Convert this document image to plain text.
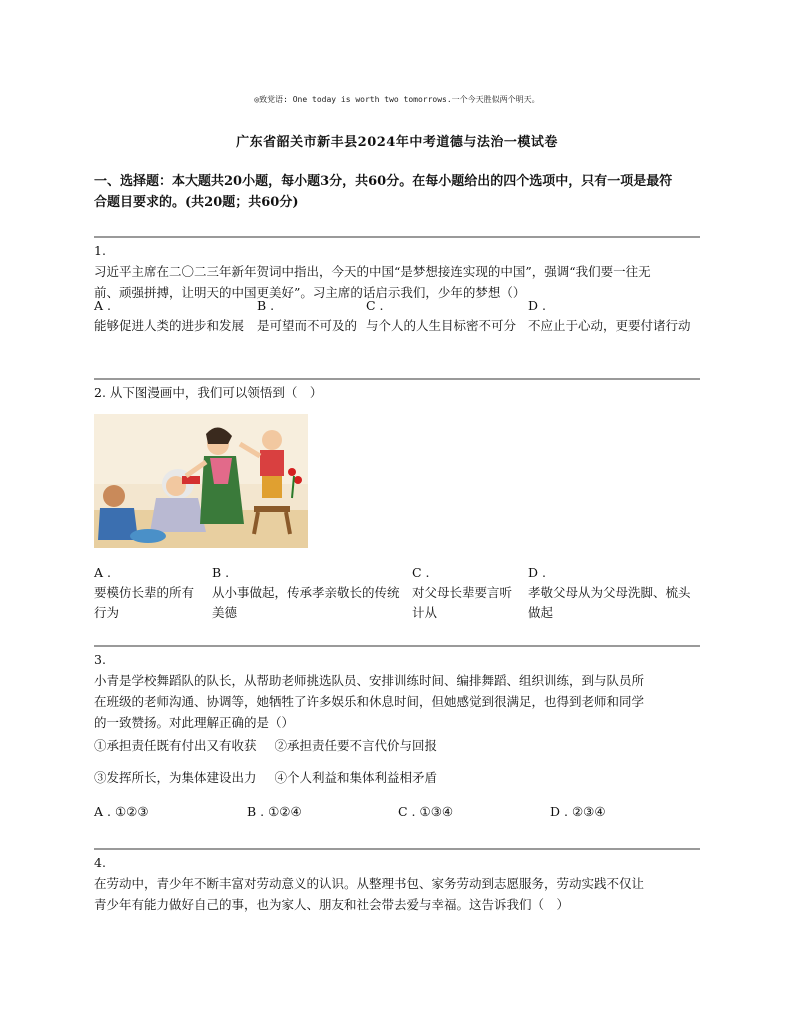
◎致党语: One today is worth two tomorrows.一个今天胜似两个明天。
广东省韶关市新丰县2024年中考道德与法治一模试卷
一、选择题：本大题共20小题，每小题3分，共60分。在每小题给出的四个选项中，只有一项是最符
合题目要求的。(共20题；共60分)
1.
习近平主席在二〇二三年新年贺词中指出，今天的中国“是梦想接连实现的中国”，强调“我们要一往无
前、顽强拼搏，让明天的中国更美好”。习主席的话启示我们，少年的梦想（）
A .
能够促进人类的进步和发展
B .
是可望而不可及的
C .
与个人的人生目标密不可分
D .
不应止于心动，更要付诸行动
2. 从下图漫画中，我们可以领悟到（　）
A .
要模仿长辈的所有行为
B .
从小事做起，传承孝亲敬长的传统美德
C .
对父母长辈要言听计从
D .
孝敬父母从为父母洗脚、梳头做起
3.
小青是学校舞蹈队的队长，从帮助老师挑选队员、安排训练时间、编排舞蹈、组织训练，到与队员所
在班级的老师沟通、协调等，她牺牲了许多娱乐和休息时间，但她感觉到很满足，也得到老师和同学
的一致赞扬。对此理解正确的是（）
①承担责任既有付出又有收获 ②承担责任要不言代价与回报
③发挥所长，为集体建设出力 ④个人利益和集体利益相矛盾
A . ①②③	B . ①②④	C . ①③④	D . ②③④
4.
在劳动中，青少年不断丰富对劳动意义的认识。从整理书包、家务劳动到志愿服务，劳动实践不仅让
青少年有能力做好自己的事，也为家人、朋友和社会带去爱与幸福。这告诉我们（　）
